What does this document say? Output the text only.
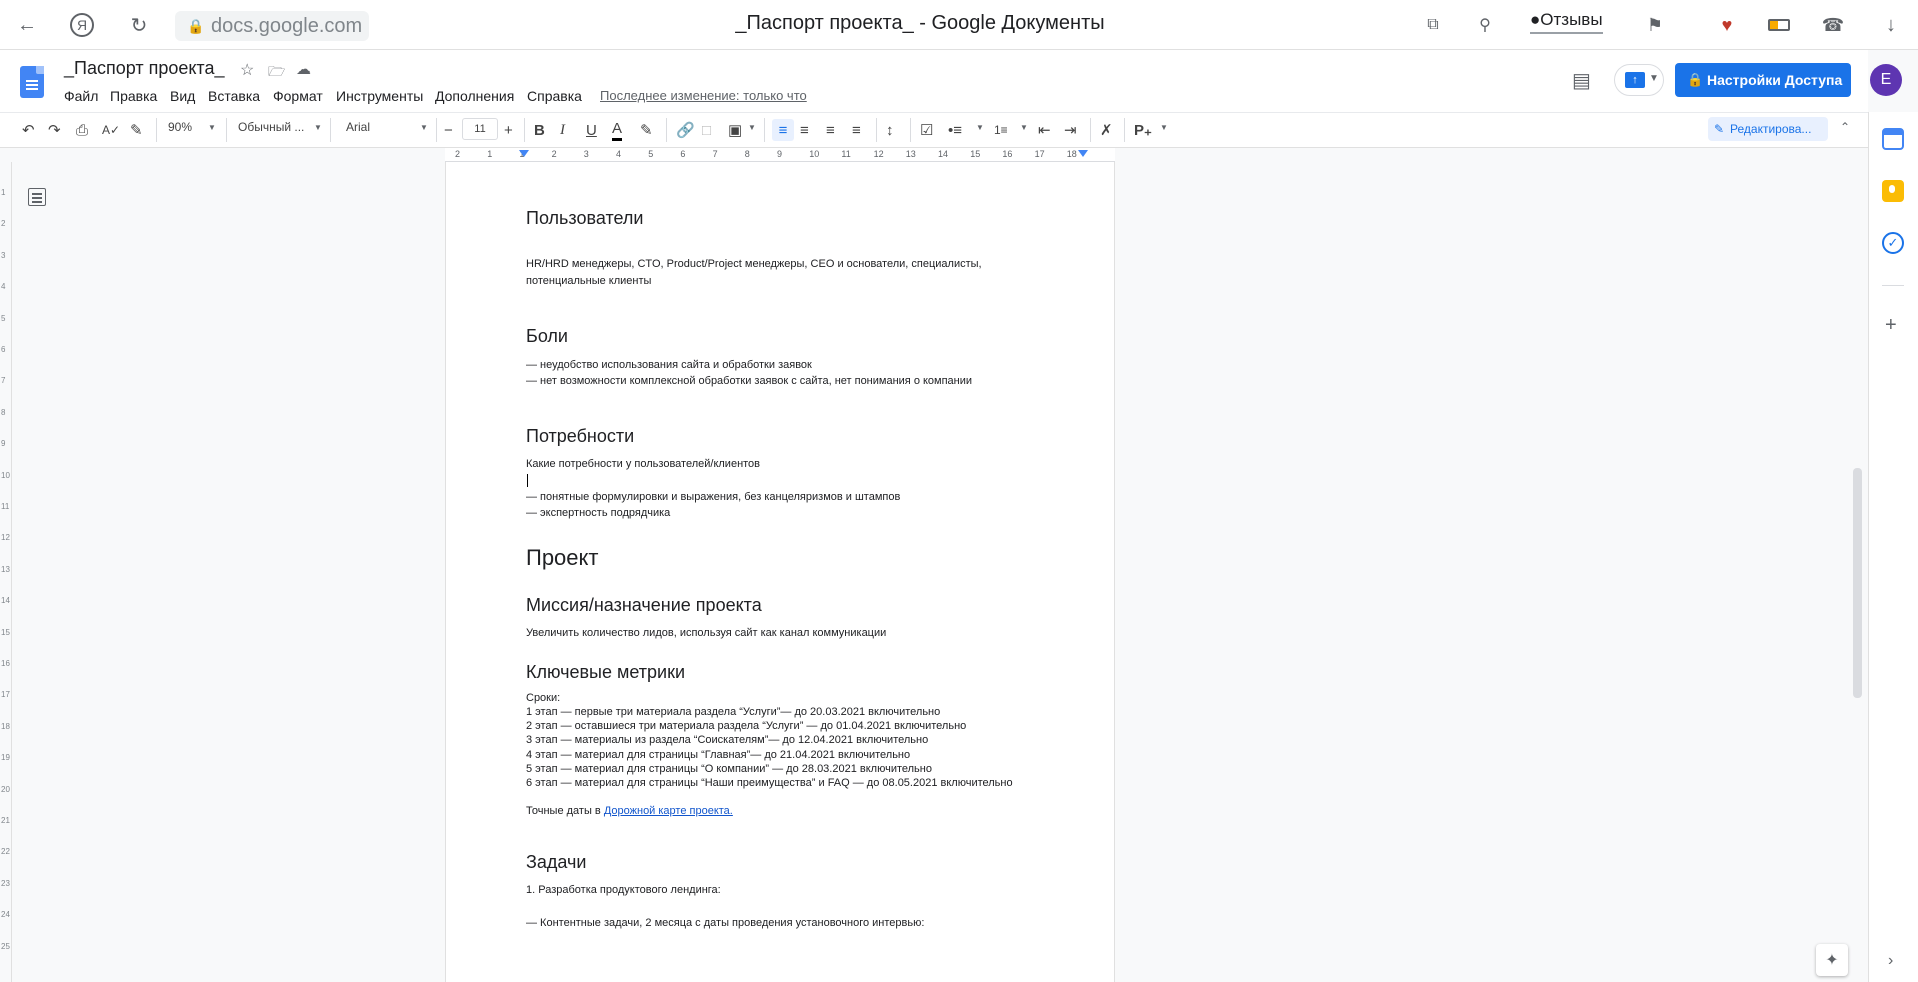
←	Я	↻	🔒 docs.google.com	_Паспорт проекта_ - Google Документы	⧉	⚲	●Отзывы ⚑	♥	☎	↓
_Паспорт проекта_ ☆ 🗁 ☁
Файл Правка Вид Вставка Формат Инструменты Дополнения Справка Последнее изменение: только что
▤	↑	▼ 🔒 Настройки Доступа	E
↶ ↷ ⎙ A✓ ✎ 90% ▼ Обычный ... ▼ Arial	▼ −	11	+ B I U A ✎ 🔗 □ ▣ ▼	≡ ≡ ≡ ≡ ↕ ☑ •≡ ▼ 1≡ ▼ ⇤ ⇥ ✗ P₊ ▼	✎ Редактирова...	⌃
2	1	1	2	3	4	5	6	7	8	9	10 11	12 13 14 15 16 17 18
1
2
3
4
5
6
7
8
9
10
11
12
13
14
15
16
17
18
19
20
21
22
23
24
25
Пользователи
HR/HRD менеджеры, CTO, Product/Project менеджеры, CEO и основатели, специалисты,
потенциальные клиенты
Боли
— неудобство использования сайта и обработки заявок
— нет возможности комплексной обработки заявок с сайта, нет понимания о компании
Потребности
Какие потребности у пользователей/клиентов
— понятные формулировки и выражения, без канцеляризмов и штампов
— экспертность подрядчика
Проект
Миссия/назначение проекта
Увеличить количество лидов, используя сайт как канал коммуникации
Ключевые метрики
Сроки:
1 этап — первые три материала раздела “Услуги”— до 20.03.2021 включительно
2 этап — оставшиеся три материала раздела “Услуги” — до 01.04.2021 включительно
3 этап — материалы из раздела “Соискателям”— до 12.04.2021 включительно
4 этап — материал для страницы “Главная”— до 21.04.2021 включительно
5 этап — материал для страницы “О компании” — до 28.03.2021 включительно
6 этап — материал для страницы “Наши преимущества” и FAQ — до 08.05.2021 включительно
Точные даты в Дорожной карте проекта.
Задачи
1. Разработка продуктового лендинга:
— Контентные задачи, 2 месяца с даты проведения установочного интервью:
✓
+
›
✦
